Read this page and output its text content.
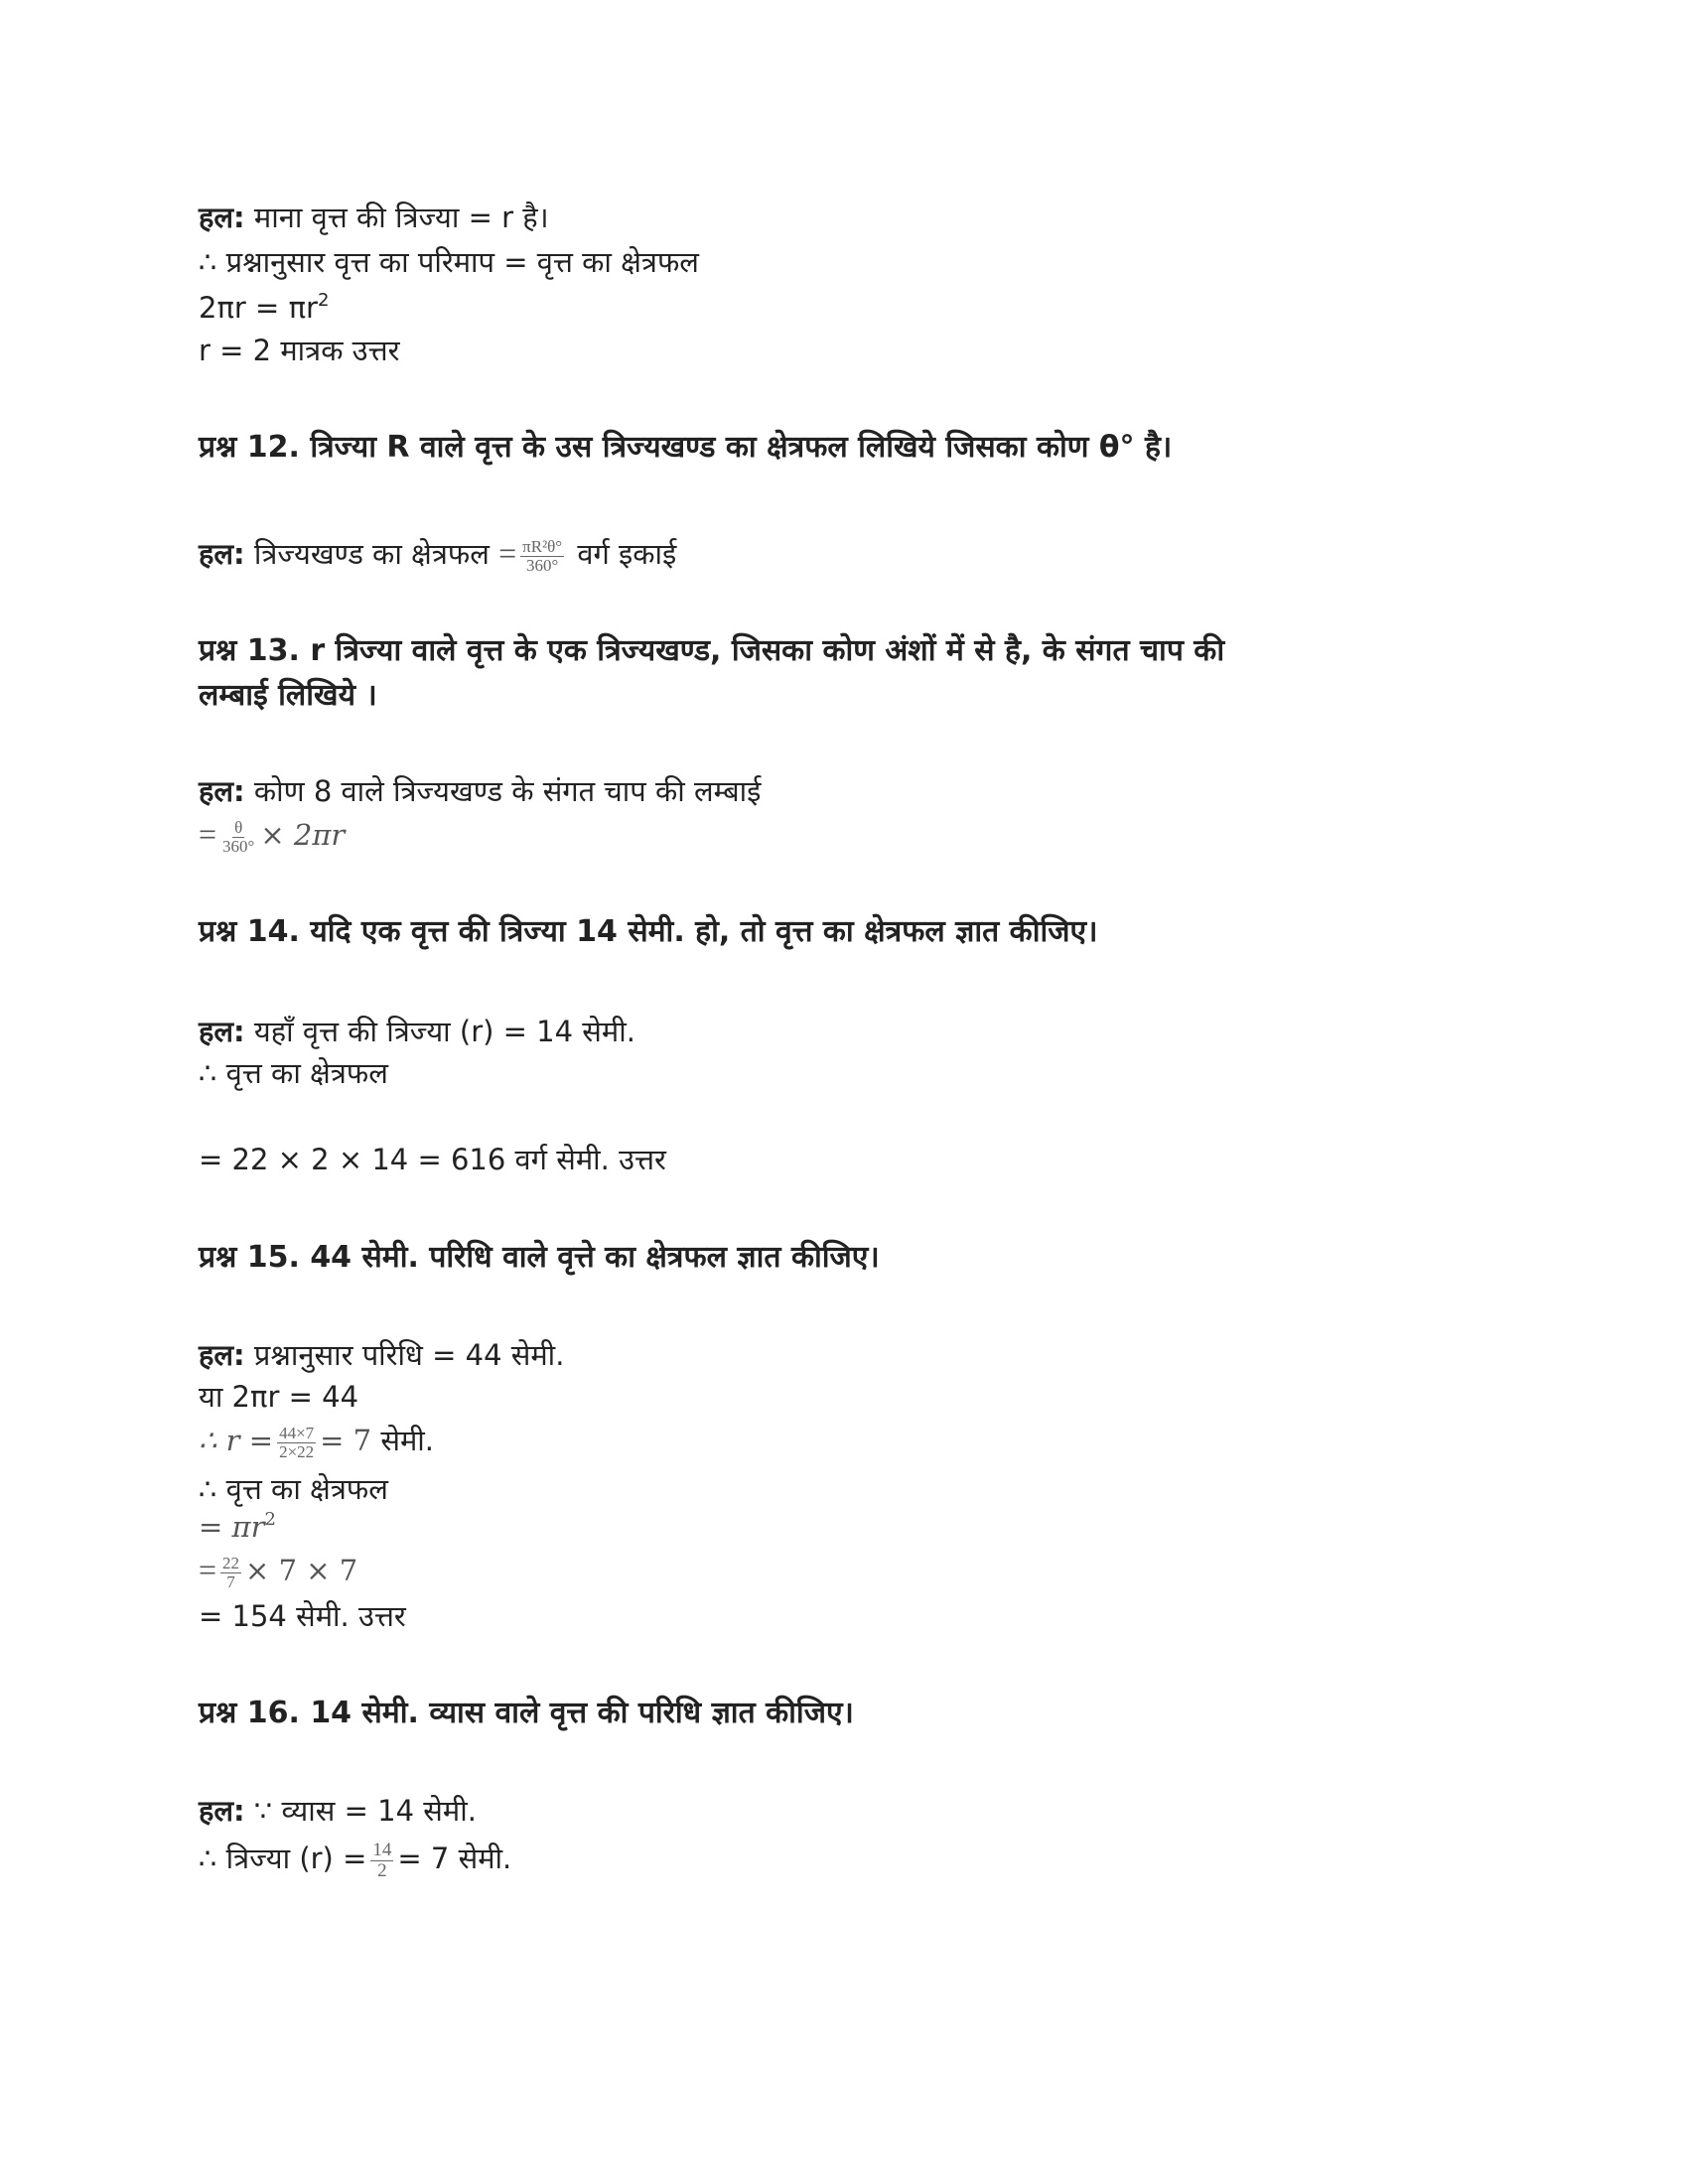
हल: माना वृत्त की त्रिज्या = r है।
∴ प्रश्नानुसार वृत्त का परिमाप = वृत्त का क्षेत्रफल
$2\pi r = \pi r^2$
r = 2 मात्रक उत्तर
प्रश्न 12. त्रिज्या R वाले वृत्त के उस त्रिज्यखण्ड का क्षेत्रफल लिखिये जिसका कोण θ° है।
हल: त्रिज्यखण्ड का क्षेत्रफल = $\frac{\text{πR²θ°}}{360^\circ}$ वर्ग इकाई
प्रश्न 13. r त्रिज्या वाले वृत्त के एक त्रिज्यखण्ड, जिसका कोण अंशों में से है, के संगत चाप की
लम्बाई लिखिये ।
हल: कोण 8 वाले त्रिज्यखण्ड के संगत चाप की लम्बाई
= $\frac{\theta}{360^\circ} \times 2\pi r$
प्रश्न 14. यदि एक वृत्त की त्रिज्या 14 सेमी. हो, तो वृत्त का क्षेत्रफल ज्ञात कीजिए।
हल: यहाँ वृत्त की त्रिज्या (r) = 14 सेमी.
∴ वृत्त का क्षेत्रफल
= 22 × 2 × 14 = 616 वर्ग सेमी. उत्तर
प्रश्न 15. 44 सेमी. परिधि वाले वृत्ते का क्षेत्रफल ज्ञात कीजिए।
हल: प्रश्नानुसार परिधि = 44 सेमी.
या 2πr = 44
∴ $r = \frac{44\times 7}{2\times 22} = 7$ सेमी.
∴ वृत्त का क्षेत्रफल
= $\pi r^2$
= $\frac{22}{7} \times 7 \times 7$
= 154 सेमी. उत्तर
प्रश्न 16. 14 सेमी. व्यास वाले वृत्त की परिधि ज्ञात कीजिए।
हल: ∵ व्यास = 14 सेमी.
∴ त्रिज्या $(r) = \frac{14}{2} = 7$ सेमी.
